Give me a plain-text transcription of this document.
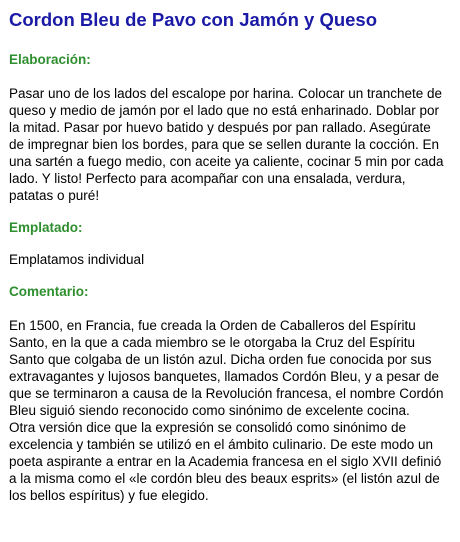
Cordon Bleu de Pavo con Jamón y Queso
Elaboración:

Pasar uno de los lados del escalope por harina. Colocar un tranchete de queso y medio de jamón por el lado que no está enharinado. Doblar por la mitad. Pasar por huevo batido y después por pan rallado. Asegúrate de impregnar bien los bordes, para que se sellen durante la cocción. En una sartén a fuego medio, con aceite ya caliente, cocinar 5 min por cada lado. Y listo! Perfecto para acompañar con una ensalada, verdura, patatas o puré!

Emplatado:

Emplatamos individual

Comentario:

En 1500, en Francia, fue creada la Orden de Caballeros del Espíritu Santo, en la que a cada miembro se le otorgaba la Cruz del Espíritu Santo que colgaba de un listón azul. Dicha orden fue conocida por sus extravagantes y lujosos banquetes, llamados Cordón Bleu, y a pesar de que se terminaron a causa de la Revolución francesa, el nombre Cordón Bleu siguió siendo reconocido como sinónimo de excelente cocina.

Otra versión dice que la expresión se consolidó como sinónimo de excelencia y también se utilizó en el ámbito culinario. De este modo un poeta aspirante a entrar en la Academia francesa en el siglo XVII definió a la misma como el «le cordón bleu des beaux esprits» (el listón azul de los bellos espíritus) y fue elegido.
